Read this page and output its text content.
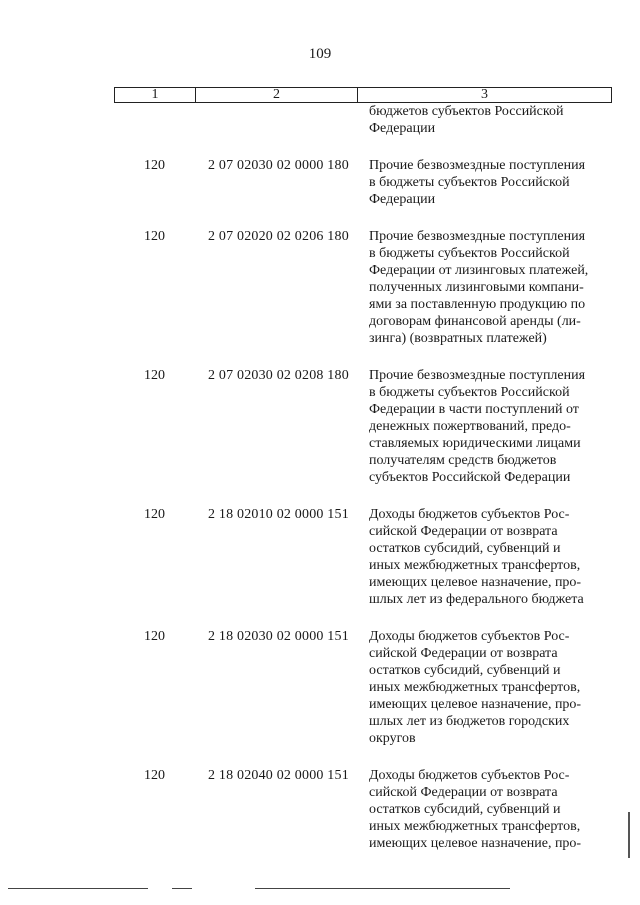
109
1	2	3
бюджетов субъектов Российской
Федерации
120	2 07 02030 02 0000 180 Прочие безвозмездные поступления
в бюджеты субъектов Российской
Федерации
120	2 07 02020 02 0206 180 Прочие безвозмездные поступления
в бюджеты субъектов Российской
Федерации от лизинговых платежей,
полученных лизинговыми компани-
ями за поставленную продукцию по
договорам финансовой аренды (ли-
зинга) (возвратных платежей)
120	2 07 02030 02 0208 180 Прочие безвозмездные поступления
в бюджеты субъектов Российской
Федерации в части поступлений от
денежных пожертвований, предо-
ставляемых юридическими лицами
получателям средств бюджетов
субъектов Российской Федерации
120	2 18 02010 02 0000 151 Доходы бюджетов субъектов Рос-
сийской Федерации от возврата
остатков субсидий, субвенций и
иных межбюджетных трансфертов,
имеющих целевое назначение, про-
шлых лет из федерального бюджета
120	2 18 02030 02 0000 151 Доходы бюджетов субъектов Рос-
сийской Федерации от возврата
остатков субсидий, субвенций и
иных межбюджетных трансфертов,
имеющих целевое назначение, про-
шлых лет из бюджетов городских
округов
120	2 18 02040 02 0000 151 Доходы бюджетов субъектов Рос-
сийской Федерации от возврата
остатков субсидий, субвенций и
иных межбюджетных трансфертов,
имеющих целевое назначение, про-
